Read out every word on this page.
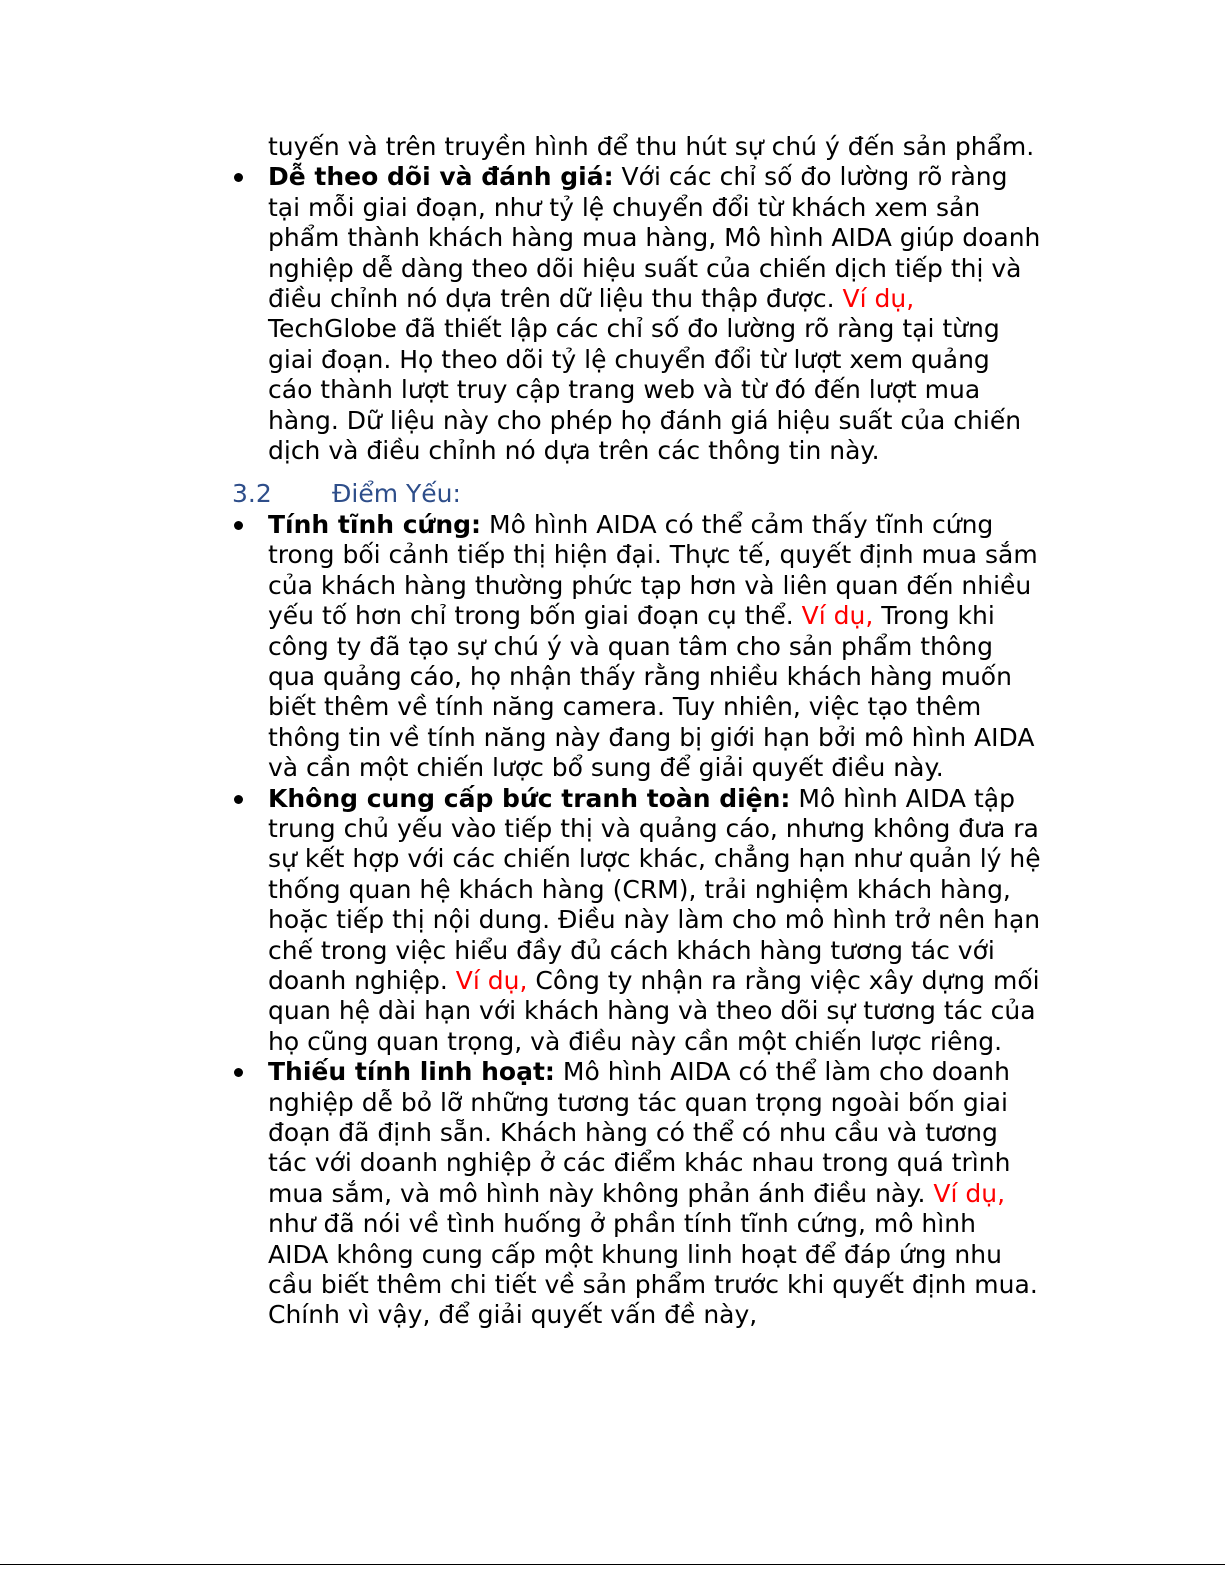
tuyến và trên truyền hình để thu hút sự chú ý đến sản phẩm.

Dễ theo dõi và đánh giá: Với các chỉ số đo lường rõ ràng tại mỗi giai đoạn, như tỷ lệ chuyển đổi từ khách xem sản phẩm thành khách hàng mua hàng, Mô hình AIDA giúp doanh nghiệp dễ dàng theo dõi hiệu suất của chiến dịch tiếp thị và điều chỉnh nó dựa trên dữ liệu thu thập được. Ví dụ, TechGlobe đã thiết lập các chỉ số đo lường rõ ràng tại từng giai đoạn. Họ theo dõi tỷ lệ chuyển đổi từ lượt xem quảng cáo thành lượt truy cập trang web và từ đó đến lượt mua hàng. Dữ liệu này cho phép họ đánh giá hiệu suất của chiến dịch và điều chỉnh nó dựa trên các thông tin này.
3.2	Điểm Yếu:
Tính tĩnh cứng: Mô hình AIDA có thể cảm thấy tĩnh cứng trong bối cảnh tiếp thị hiện đại. Thực tế, quyết định mua sắm của khách hàng thường phức tạp hơn và liên quan đến nhiều yếu tố hơn chỉ trong bốn giai đoạn cụ thể. Ví dụ, Trong khi công ty đã tạo sự chú ý và quan tâm cho sản phẩm thông qua quảng cáo, họ nhận thấy rằng nhiều khách hàng muốn biết thêm về tính năng camera. Tuy nhiên, việc tạo thêm thông tin về tính năng này đang bị giới hạn bởi mô hình AIDA và cần một chiến lược bổ sung để giải quyết điều này.
Không cung cấp bức tranh toàn diện: Mô hình AIDA tập trung chủ yếu vào tiếp thị và quảng cáo, nhưng không đưa ra sự kết hợp với các chiến lược khác, chẳng hạn như quản lý hệ thống quan hệ khách hàng (CRM), trải nghiệm khách hàng, hoặc tiếp thị nội dung. Điều này làm cho mô hình trở nên hạn chế trong việc hiểu đầy đủ cách khách hàng tương tác với doanh nghiệp. Ví dụ, Công ty nhận ra rằng việc xây dựng mối quan hệ dài hạn với khách hàng và theo dõi sự tương tác của họ cũng quan trọng, và điều này cần một chiến lược riêng.
Thiếu tính linh hoạt: Mô hình AIDA có thể làm cho doanh nghiệp dễ bỏ lỡ những tương tác quan trọng ngoài bốn giai đoạn đã định sẵn. Khách hàng có thể có nhu cầu và tương tác với doanh nghiệp ở các điểm khác nhau trong quá trình mua sắm, và mô hình này không phản ánh điều này. Ví dụ, như đã nói về tình huống ở phần tính tĩnh cứng, mô hình AIDA không cung cấp một khung linh hoạt để đáp ứng nhu cầu biết thêm chi tiết về sản phẩm trước khi quyết định mua. Chính vì vậy, để giải quyết vấn đề này,
